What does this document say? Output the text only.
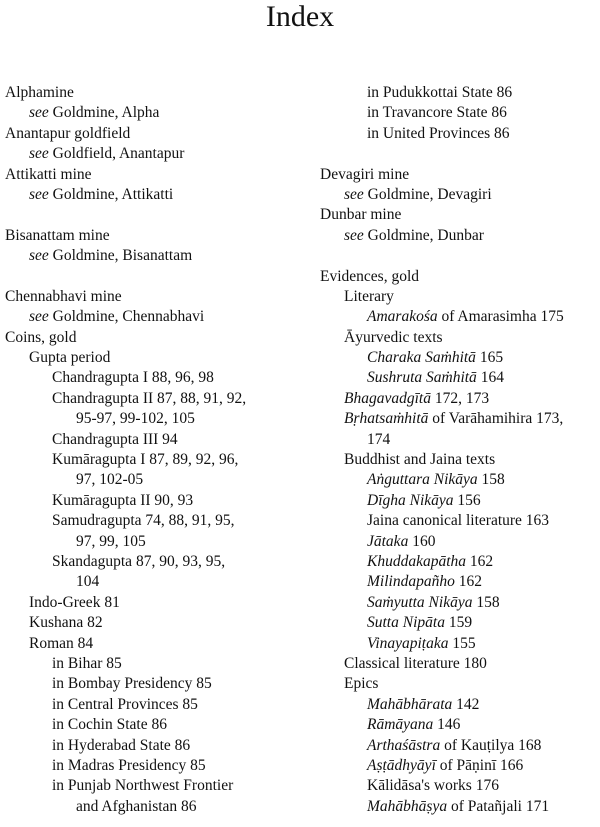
Index
Alphamine
see Goldmine, Alpha
Anantapur goldfield
see Goldfield, Anantapur
Attikatti mine
see Goldmine, Attikatti
Bisanattam mine
see Goldmine, Bisanattam
Chennabhavi mine
see Goldmine, Chennabhavi
Coins, gold
Gupta period
Chandragupta I 88, 96, 98
Chandragupta II 87, 88, 91, 92,
95-97, 99-102, 105
Chandragupta III 94
Kumāragupta I 87, 89, 92, 96,
97, 102-05
Kumāragupta II 90, 93
Samudragupta 74, 88, 91, 95,
97, 99, 105
Skandagupta 87, 90, 93, 95,
104
Indo-Greek 81
Kushana 82
Roman 84
in Bihar 85
in Bombay Presidency 85
in Central Provinces 85
in Cochin State 86
in Hyderabad State 86
in Madras Presidency 85
in Punjab Northwest Frontier
and Afghanistan 86
in Pudukkottai State 86
in Travancore State 86
in United Provinces 86
Devagiri mine
see Goldmine, Devagiri
Dunbar mine
see Goldmine, Dunbar
Evidences, gold
Literary
Amarakośa of Amarasimha 175
Āyurvedic texts
Charaka Saṁhitā 165
Sushruta Saṁhitā 164
Bhagavadgītā 172, 173
Bṛhatsaṁhitā of Varāhamihira 173,
174
Buddhist and Jaina texts
Aṅguttara Nikāya 158
Dīgha Nikāya 156
Jaina canonical literature 163
Jātaka 160
Khuddakapātha 162
Milindapañho 162
Saṁyutta Nikāya 158
Sutta Nipāta 159
Vinayapiṭaka 155
Classical literature 180
Epics
Mahābhārata 142
Rāmāyana 146
Arthaśāstra of Kauṭilya 168
Aṣṭādhyāyī of Pāṇinī 166
Kālidāsa's works 176
Mahābhāṣya of Patañjali 171
